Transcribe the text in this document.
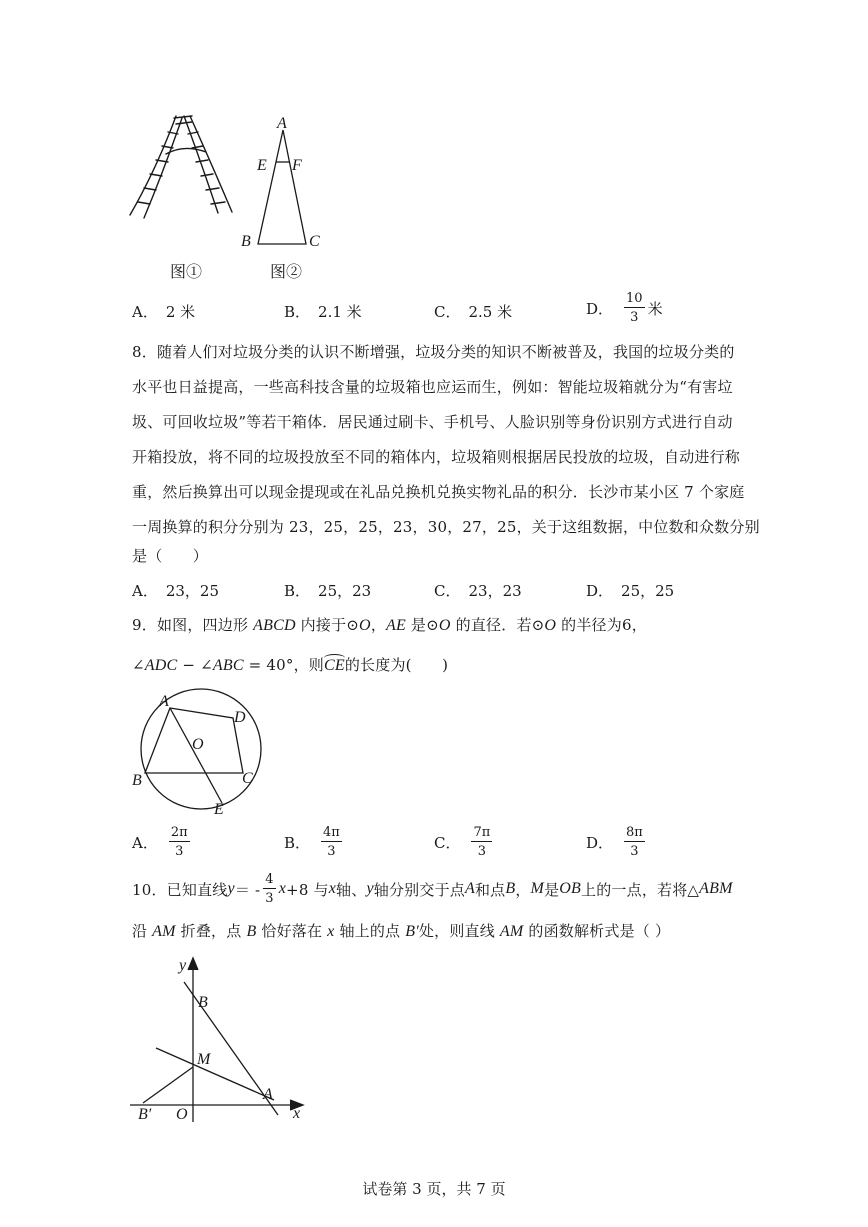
图①
A
E F
B	C
图②
A． 2 米	B． 2.1 米	C． 2.5 米	D． $\frac{10}{3}$ 米
8．随着人们对垃圾分类的认识不断增强，垃圾分类的知识不断被普及，我国的垃圾分类的
水平也日益提高，一些高科技含量的垃圾箱也应运而生，例如：智能垃圾箱就分为“有害垃
圾、可回收垃圾”等若干箱体．居民通过刷卡、手机号、人脸识别等身份识别方式进行自动
开箱投放，将不同的垃圾投放至不同的箱体内，垃圾箱则根据居民投放的垃圾，自动进行称
重，然后换算出可以现金提现或在礼品兑换机兑换实物礼品的积分．长沙市某小区 7 个家庭
一周换算的积分分别为 23，25，25，23，30，27，25，关于这组数据，中位数和众数分别
是（　　）
A． 23，25	B． 25，23	C． 23，23	D． 25，25
9．如图，四边形 ABCD 内接于⊙O，AE 是⊙O 的直径．若⊙O 的半径为6，
∠ADC − ∠ABC = 40°，则CE的长度为(　　)
A
D
O
B	C
E
A． $\frac{2\pi}{3}$	B． $\frac{4\pi}{3}$	C． $\frac{7\pi}{3}$	D． $\frac{8\pi}{3}$
10．已知直线 y ＝ - $\frac{4}{3}$ x +8 与 x 轴、 y 轴分别交于点 A 和点 B ， M 是 OB 上的一点，若将△ ABM
沿 AM 折叠，点 B 恰好落在 x 轴上的点 B′处，则直线 AM 的函数解析式是（ ）
y
x
B
M
A
O
B′
试卷第 3 页，共 7 页
